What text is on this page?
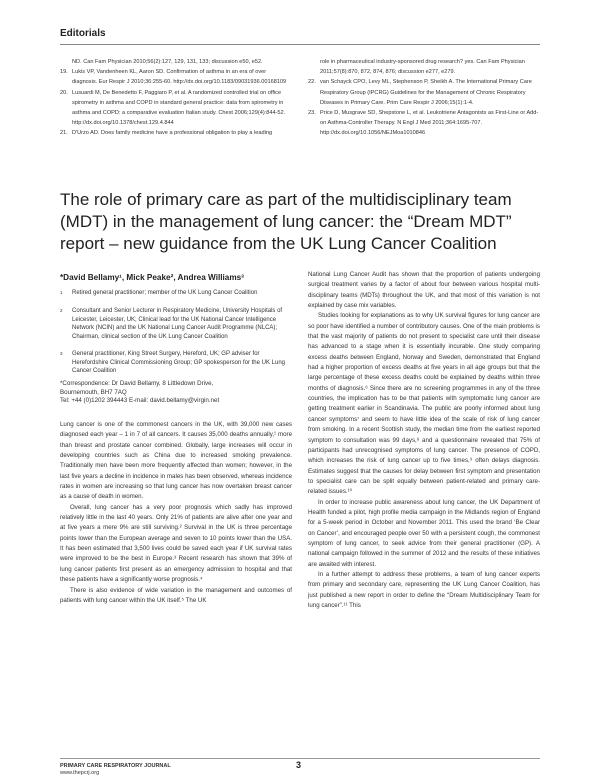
Editorials
ND. Can Fam Physician 2010;56(2):127, 129, 131, 133; discussion e50, e52.
19. Lukis VP, Vandenheen KL, Aaron SD. Confirmation of asthma in an era of over diagnosis. Eur Respir J 2010;36:255-60. http://dx.doi.org/10.1183/09031936.00168109
20. Lusuardi M, De Benedetto F, Paggiaro P, et al. A randomized controlled trial on office spirometry in asthma and COPD in standard general practice: data from spirometry in asthma and COPD: a comparative evaluation Italian study. Chest 2006;129(4):844-52. http://dx.doi.org/10.1378/chest.129.4.844
21. D'Urzo AD. Does family medicine have a professional obligation to play a leading
role in pharmaceutical industry-sponsored drug research? yes. Can Fam Physician 2011;57(8):870, 872, 874, 876; discussion e277, e279.
22. van Schayck CPO, Levy ML, Stephenson P, Sheikh A. The International Primary Care Respiratory Group (IPCRG) Guidelines for the Management of Chronic Respiratory Diseases in Primary Care. Prim Care Respir J 2006;15(1):1-4.
23. Price D, Musgrave SD, Shepstone L, et al. Leukotriene Antagonists as First-Line or Add-on Asthma-Controller Therapy. N Engl J Med 2011;364:1695-707. http://dx.doi.org/10.1056/NEJMoa1010846
The role of primary care as part of the multidisciplinary team (MDT) in the management of lung cancer: the “Dream MDT” report – new guidance from the UK Lung Cancer Coalition
*David Bellamy¹, Mick Peake², Andrea Williams³
1 Retired general practitioner; member of the UK Lung Cancer Coalition
2 Consultant and Senior Lecturer in Respiratory Medicine, University Hospitals of Leicester, Leicester, UK; Clinical lead for the UK National Cancer Intelligence Network (NCIN) and the UK National Lung Cancer Audit Programme (NLCA); Chairman, clinical section of the UK Lung Cancer Coalition
3 General practitioner, King Street Surgery, Hereford, UK; GP adviser for Herefordshire Clinical Commissioning Group; GP spokesperson for the UK Lung Cancer Coalition
*Correspondence: Dr David Bellamy, 8 Littledown Drive,
Bournemouth, BH7 7AQ
Tel: +44 (0)1202 394443 E-mail: david.bellamy@virgin.net

Lung cancer is one of the commonest cancers in the UK, with 39,000 new cases diagnosed each year – 1 in 7 of all cancers. It causes 35,000 deaths annually,¹ more than breast and prostate cancer combined. Globally, large increases will occur in developing countries such as China due to increased smoking prevalence. Traditionally men have been more frequently affected than women; however, in the last five years a decline in incidence in males has been observed, whereas incidence rates in women are increasing so that lung cancer has now overtaken breast cancer as a cause of death in women.

Overall, lung cancer has a very poor prognosis which sadly has improved relatively little in the last 40 years. Only 21% of patients are alive after one year and at five years a mere 9% are still surviving.² Survival in the UK is three percentage points lower than the European average and seven to 10 points lower than the USA. It has been estimated that 3,500 lives could be saved each year if UK survival rates were improved to be the best in Europe.³ Recent research has shown that 39% of lung cancer patients first present as an emergency admission to hospital and that these patients have a significantly worse prognosis.⁴

There is also evidence of wide variation in the management and outcomes of patients with lung cancer within the UK itself.⁵ The UK

National Lung Cancer Audit has shown that the proportion of patients undergoing surgical treatment varies by a factor of about four between various hospital multi-disciplinary teams (MDTs) throughout the UK, and that most of this variation is not explained by case mix variables.

Studies looking for explanations as to why UK survival figures for lung cancer are so poor have identified a number of contributory causes. One of the main problems is that the vast majority of patients do not present to specialist care until their disease has advanced to a stage when it is essentially incurable. One study comparing excess deaths between England, Norway and Sweden, demonstrated that England had a higher proportion of excess deaths at five years in all age groups but that the large percentage of these excess deaths could be explained by deaths within three months of diagnosis.⁶ Since there are no screening programmes in any of the three countries, the implication has to be that patients with symptomatic lung cancer are getting treatment earlier in Scandinavia. The public are poorly informed about lung cancer symptoms⁷ and seem to have little idea of the scale of risk of lung cancer from smoking. In a recent Scottish study, the median time from the earliest reported symptom to consultation was 99 days,⁸ and a questionnaire revealed that 75% of participants had unrecognised symptoms of lung cancer. The presence of COPD, which increases the risk of lung cancer up to five times,⁹ often delays diagnosis. Estimates suggest that the causes for delay between first symptom and presentation to specialist care can be split equally between patient-related and primary care-related issues.¹⁰

In order to increase public awareness about lung cancer, the UK Department of Health funded a pilot, high profile media campaign in the Midlands region of England for a 5-week period in October and November 2011. This used the brand ‘Be Clear on Cancer’, and encouraged people over 50 with a persistent cough, the commonest symptom of lung cancer, to seek advice from their general practitioner (GP). A national campaign followed in the summer of 2012 and the results of these initiatives are awaited with interest.

In a further attempt to address these problems, a team of lung cancer experts from primary and secondary care, representing the UK Lung Cancer Coalition, has just published a new report in order to define the “Dream Multidisciplinary Team for lung cancer”.¹¹ This

PRIMARY CARE RESPIRATORY JOURNAL
www.thepcrj.org
3
